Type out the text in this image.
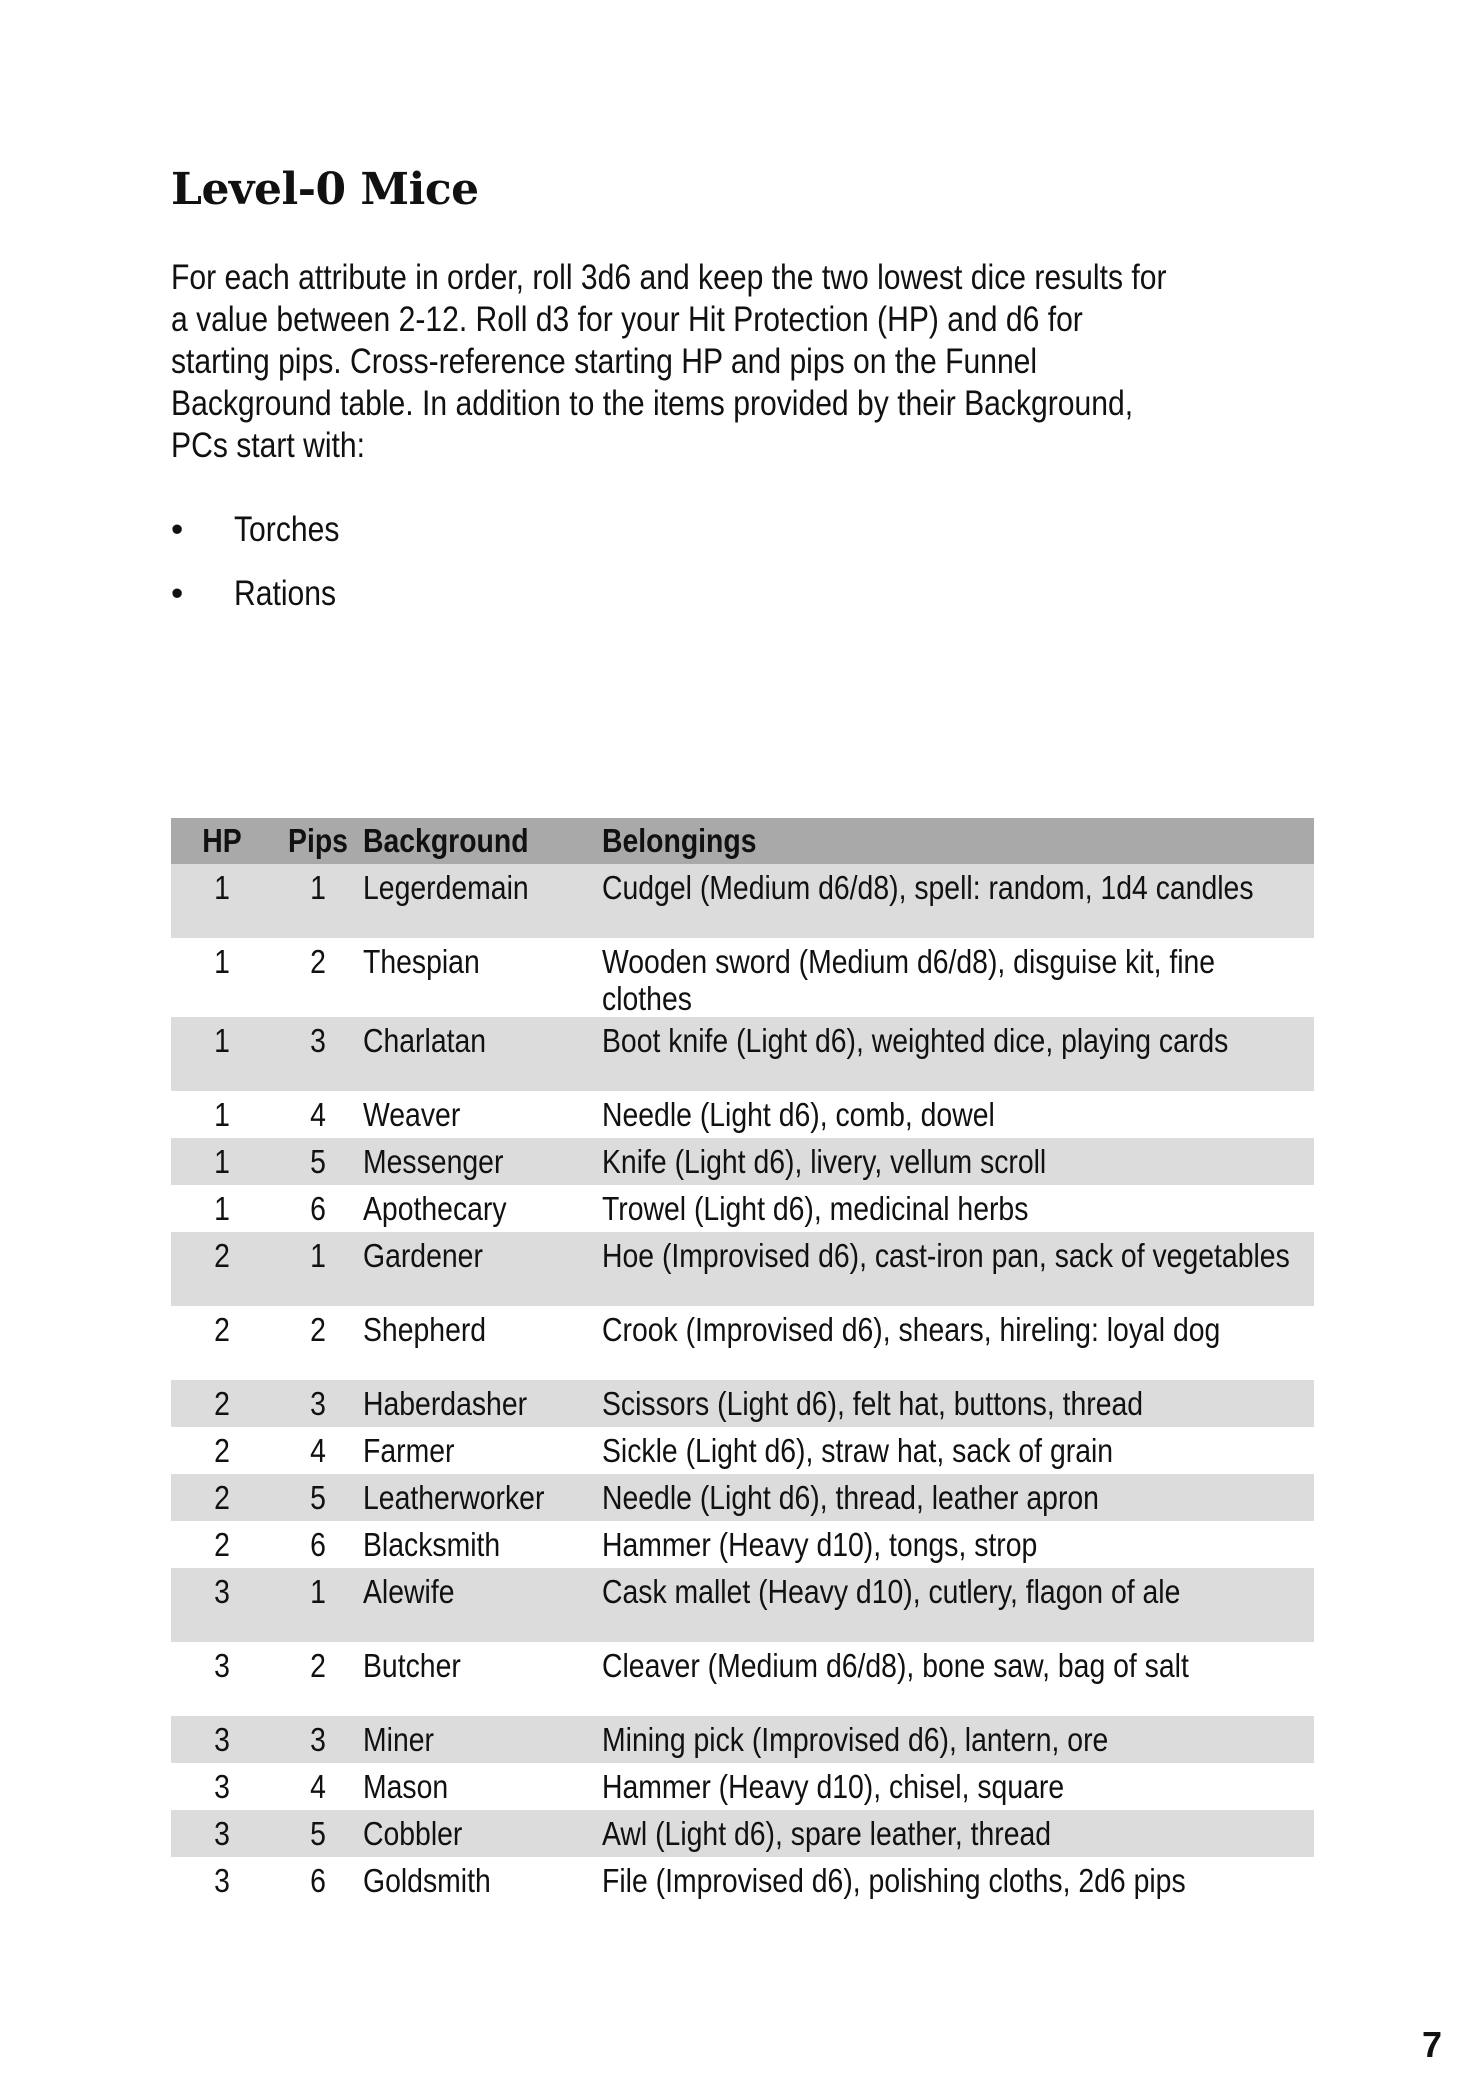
Level-0 Mice

For each attribute in order, roll 3d6 and keep the two lowest dice results for a value between 2-12. Roll d3 for your Hit Protection (HP) and d6 for starting pips. Cross-reference starting HP and pips on the Funnel Background table. In addition to the items provided by their Background, PCs start with:

• Torches
• Rations
HP	Pips	Background	Belongings

1	1	Legerdemain	Cudgel (Medium d6/d8), spell: random, 1d4 candles

1	2	Thespian	Wooden sword (Medium d6/d8), disguise kit, fine clothes

1	3	Charlatan	Boot knife (Light d6), weighted dice, playing cards

1	4	Weaver	Needle (Light d6), comb, dowel

1	5	Messenger	Knife (Light d6), livery, vellum scroll

1	6	Apothecary	Trowel (Light d6), medicinal herbs

2	1	Gardener	Hoe (Improvised d6), cast-iron pan, sack of vegetables

2	2	Shepherd	Crook (Improvised d6), shears, hireling: loyal dog

2	3	Haberdasher	Scissors (Light d6), felt hat, buttons, thread

2	4	Farmer	Sickle (Light d6), straw hat, sack of grain

2	5	Leatherworker	Needle (Light d6), thread, leather apron

2	6	Blacksmith	Hammer (Heavy d10), tongs, strop

3	1	Alewife	Cask mallet (Heavy d10), cutlery, flagon of ale

3	2	Butcher	Cleaver (Medium d6/d8), bone saw, bag of salt

3	3	Miner	Mining pick (Improvised d6), lantern, ore

3	4	Mason	Hammer (Heavy d10), chisel, square

3	5	Cobbler	Awl (Light d6), spare leather, thread

3	6	Goldsmith	File (Improvised d6), polishing cloths, 2d6 pips
7
